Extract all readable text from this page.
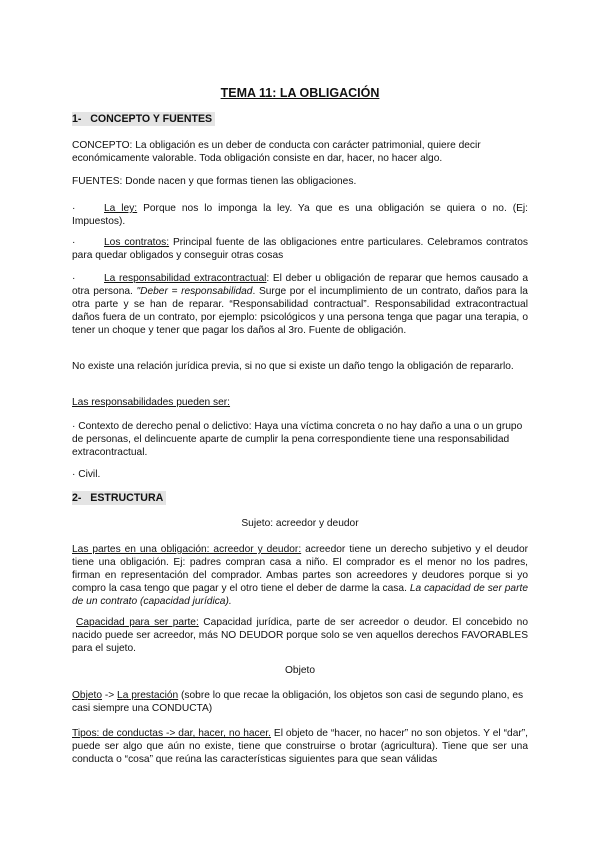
TEMA 11: LA OBLIGACIÓN
1- CONCEPTO Y FUENTES

CONCEPTO: La obligación es un deber de conducta con carácter patrimonial, quiere decir económicamente valorable. Toda obligación consiste en dar, hacer, no hacer algo.

FUENTES: Donde nacen y que formas tienen las obligaciones.

·	La ley: Porque nos lo imponga la ley. Ya que es una obligación se quiera o no. (Ej: Impuestos).

·	Los contratos: Principal fuente de las obligaciones entre particulares. Celebramos contratos para quedar obligados y conseguir otras cosas

·	La responsabilidad extracontractual: El deber u obligación de reparar que hemos causado a otra persona. "Deber = responsabilidad. Surge por el incumplimiento de un contrato, daños para la otra parte y se han de reparar. “Responsabilidad contractual”. Responsabilidad extracontractual daños fuera de un contrato, por ejemplo: psicológicos y una persona tenga que pagar una terapia, o tener un choque y tener que pagar los daños al 3ro. Fuente de obligación.

No existe una relación jurídica previa, si no que si existe un daño tengo la obligación de repararlo.

Las responsabilidades pueden ser:

· Contexto de derecho penal o delictivo: Haya una víctima concreta o no hay daño a una o un grupo de personas, el delincuente aparte de cumplir la pena correspondiente tiene una responsabilidad extracontractual.

· Civil.

2- ESTRUCTURA
Sujeto: acreedor y deudor

Las partes en una obligación: acreedor y deudor: acreedor tiene un derecho subjetivo y el deudor tiene una obligación. Ej: padres compran casa a niño. El comprador es el menor no los padres, firman en representación del comprador. Ambas partes son acreedores y deudores porque si yo compro la casa tengo que pagar y el otro tiene el deber de darme la casa. La capacidad de ser parte de un contrato (capacidad jurídica).

Capacidad para ser parte: Capacidad jurídica, parte de ser acreedor o deudor. El concebido no nacido puede ser acreedor, más NO DEUDOR porque solo se ven aquellos derechos FAVORABLES para el sujeto.

Objeto

Objeto -> La prestación (sobre lo que recae la obligación, los objetos son casi de segundo plano, es casi siempre una CONDUCTA)

Tipos: de conductas -> dar, hacer, no hacer. El objeto de “hacer, no hacer” no son objetos. Y el “dar”, puede ser algo que aún no existe, tiene que construirse o brotar (agricultura). Tiene que ser una conducta o “cosa” que reúna las características siguientes para que sean válidas
